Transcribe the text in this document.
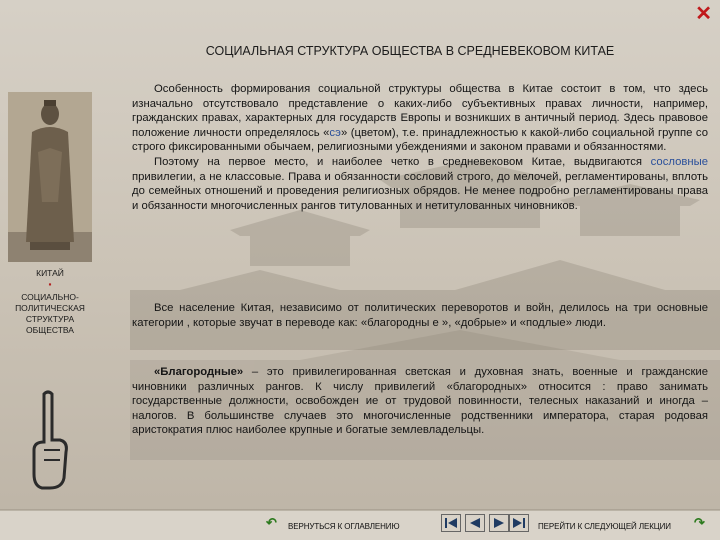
✕
СОЦИАЛЬНАЯ СТРУКТУРА ОБЩЕСТВА В СРЕДНЕВЕКОВОМ КИТАЕ
КИТАЙ
▪
СОЦИАЛЬНО-
ПОЛИТИЧЕСКАЯ
СТРУКТУРА
ОБЩЕСТВА

Особенность формирования социальной структуры общества в Китае состоит в том, что здесь изначально отсутствовало представление о каких-либо субъективных правах личности, например, гражданских правах, характерных для государств Европы и возникших в античный период. Здесь правовое положение личности определялось «сэ» (цветом), т.е. принадлежностью к какой-либо социальной группе со строго фиксированными обычаем, религиозными убеждениями и законом правами и обязанностями.

Поэтому на первое место, и наиболее четко в средневековом Китае, выдвигаются сословные привилегии, а не классовые. Права и обязанности сословий строго, до мелочей, регламентированы, вплоть до семейных отношений и проведения религиозных обрядов. Не менее подробно регламентированы права и обязанности многочисленных рангов титулованных и нетитулованных чиновников.

Все население Китая, независимо от политических переворотов и войн, делилось на три основные категории , которые звучат в переводе как: «благородны е », «добрые» и «подлые» люди.

«Благородные» – это привилегированная светская и духовная знать, военные и гражданские чиновники различных рангов. К числу привилегий «благородных» относится : право занимать государственные должности, освобожден ие от трудовой повинности, телесных наказаний и иногда – налогов. В большинстве случаев это многочисленные родственники императора, старая родовая аристократия плюс наиболее крупные и богатые землевладельцы.

↶ ВЕРНУТЬСЯ К ОГЛАВЛЕНИЮ	ПЕРЕЙТИ К СЛЕДУЮЩЕЙ ЛЕКЦИИ ↷
